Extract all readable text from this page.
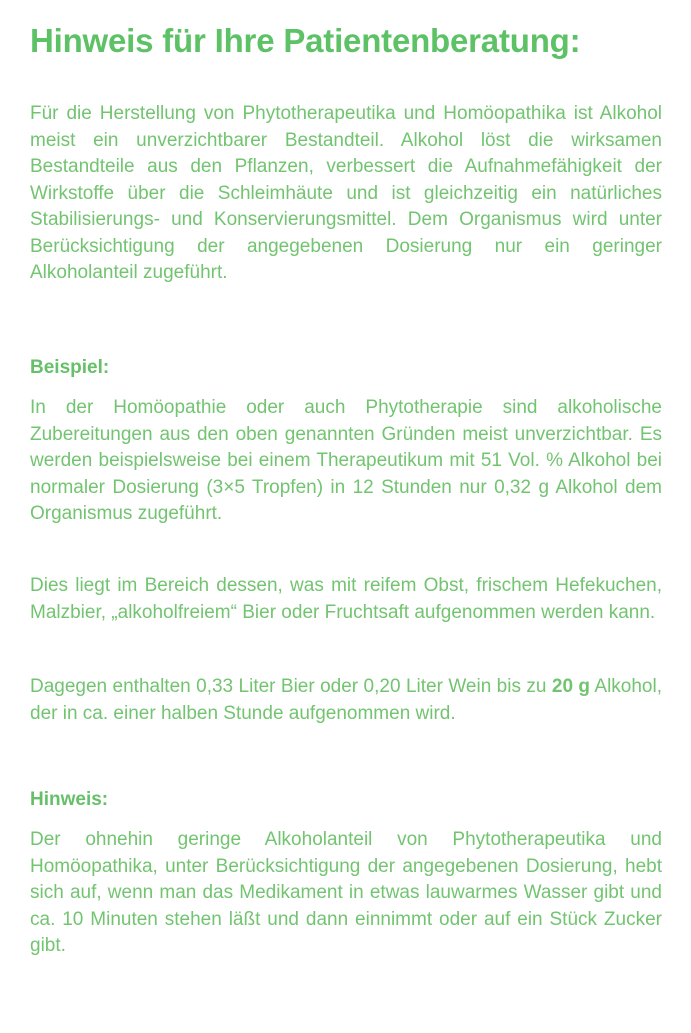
Hinweis für Ihre Patientenberatung:

Für die Herstellung von Phytotherapeutika und Homöopathika ist Alkohol meist ein unverzichtbarer Bestandteil. Alkohol löst die wirksamen Bestandteile aus den Pflanzen, verbessert die Aufnahmefähigkeit der Wirkstoffe über die Schleimhäute und ist gleichzeitig ein natürliches Stabilisierungs- und Konservierungsmittel. Dem Organismus wird unter Berücksichtigung der angegebenen Dosierung nur ein geringer Alkoholanteil zugeführt.

Beispiel:

In der Homöopathie oder auch Phytotherapie sind alkoholische Zubereitungen aus den oben genannten Gründen meist unverzichtbar. Es werden beispielsweise bei einem Therapeutikum mit 51 Vol. % Alkohol bei normaler Dosierung (3×5 Tropfen) in 12 Stunden nur 0,32 g Alkohol dem Organismus zugeführt.

Dies liegt im Bereich dessen, was mit reifem Obst, frischem Hefekuchen, Malzbier, „alkoholfreiem“ Bier oder Fruchtsaft aufgenommen werden kann.

Dagegen enthalten 0,33 Liter Bier oder 0,20 Liter Wein bis zu 20 g Alkohol, der in ca. einer halben Stunde aufgenommen wird.

Hinweis:

Der ohnehin geringe Alkoholanteil von Phytotherapeutika und Homöopathika, unter Berücksichtigung der angegebenen Dosierung, hebt sich auf, wenn man das Medikament in etwas lauwarmes Wasser gibt und ca. 10 Minuten stehen läßt und dann einnimmt oder auf ein Stück Zucker gibt.
